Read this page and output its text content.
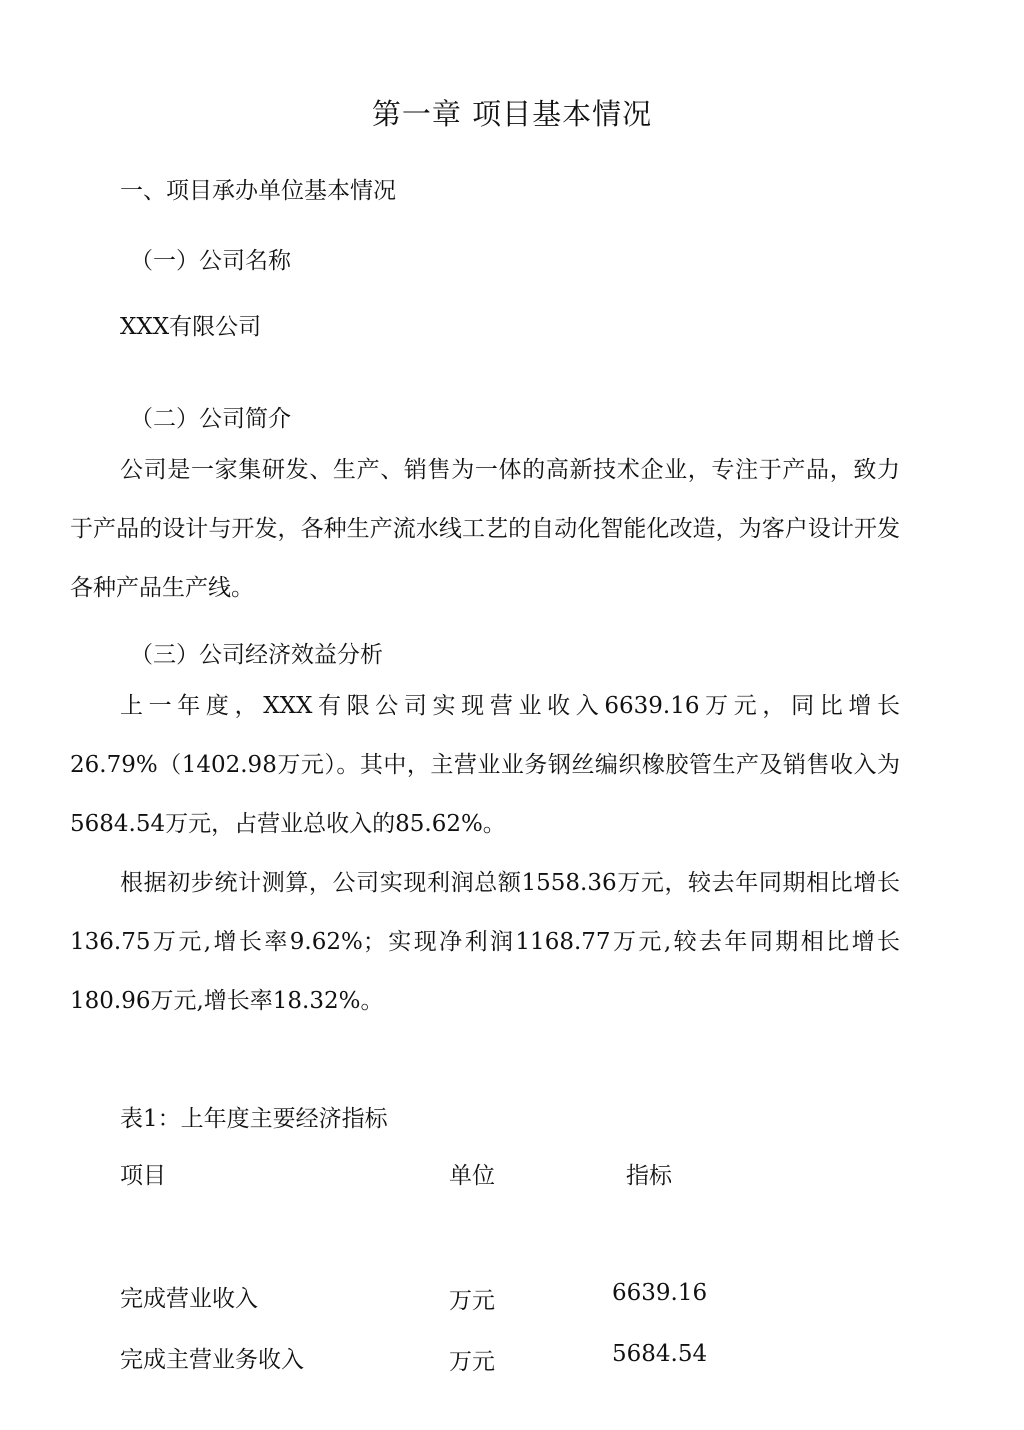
第一章 项目基本情况
一、项目承办单位基本情况
（一）公司名称
XXX有限公司
（二）公司简介
公司是一家集研发、生产、销售为一体的高新技术企业，专注于产品，致力于产品的设计与开发，各种生产流水线工艺的自动化智能化改造，为客户设计开发各种产品生产线。
（三）公司经济效益分析
上一年度，XXX有限公司实现营业收入6639.16万元，同比增长26.79%（1402.98万元）。其中，主营业业务钢丝编织橡胶管生产及销售收入为5684.54万元，占营业总收入的85.62%。
根据初步统计测算，公司实现利润总额1558.36万元，较去年同期相比增长136.75万元,增长率9.62%；实现净利润1168.77万元,较去年同期相比增长180.96万元,增长率18.32%。
表1：上年度主要经济指标
项目	单位	指标
完成营业收入	万元	6639.16
完成主营业务收入	万元	5684.54
